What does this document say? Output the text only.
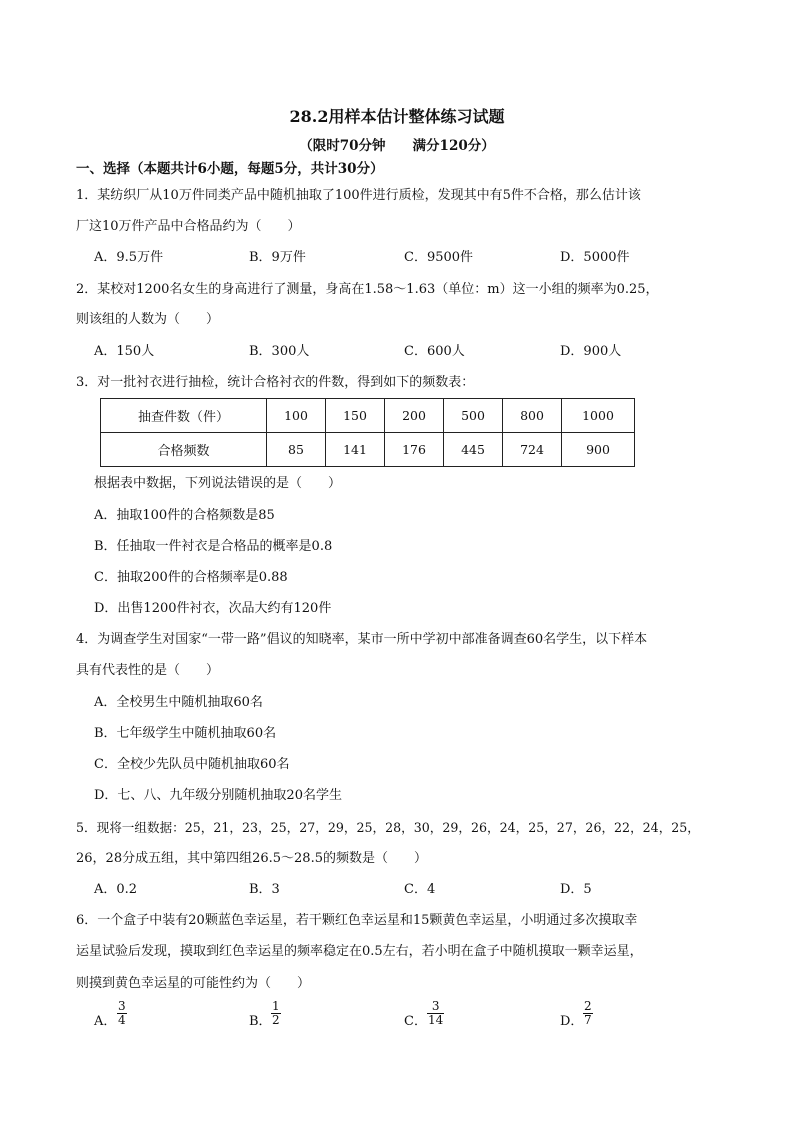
28.2用样本估计整体练习试题
（限时70分钟　　满分120分）
一、选择（本题共计6小题，每题5分，共计30分）
1．某纺织厂从10万件同类产品中随机抽取了100件进行质检，发现其中有5件不合格，那么估计该
厂这10万件产品中合格品约为（　　）
A．9.5万件	B．9万件	C．9500件	D．5000件
2．某校对1200名女生的身高进行了测量，身高在1.58～1.63（单位：m）这一小组的频率为0.25，
则该组的人数为（　　）
A．150人	B．300人	C．600人	D．900人
3．对一批衬衣进行抽检，统计合格衬衣的件数，得到如下的频数表：
抽查件数（件）	100	150	200	500	800	1000
合格频数	85	141	176	445	724	900
根据表中数据，下列说法错误的是（　　）
A．抽取100件的合格频数是85
B．任抽取一件衬衣是合格品的概率是0.8
C．抽取200件的合格频率是0.88
D．出售1200件衬衣，次品大约有120件
4．为调查学生对国家“一带一路”倡议的知晓率，某市一所中学初中部准备调查60名学生，以下样本
具有代表性的是（　　）
A．全校男生中随机抽取60名
B．七年级学生中随机抽取60名
C．全校少先队员中随机抽取60名
D．七、八、九年级分别随机抽取20名学生
5．现将一组数据：25，21，23，25，27，29，25，28，30，29，26，24，25，27，26，22，24，25，
26，28分成五组，其中第四组26.5～28.5的频数是（　　）
A．0.2	B．3	C．4	D．5
6．一个盒子中装有20颗蓝色幸运星，若干颗红色幸运星和15颗黄色幸运星，小明通过多次摸取幸
运星试验后发现，摸取到红色幸运星的频率稳定在0.5左右，若小明在盒子中随机摸取一颗幸运星，
则摸到黄色幸运星的可能性约为（　　）
A． $\frac{3}{4}$	B． $\frac{1}{2}$	C． $\frac{3}{14}$	D． $\frac{2}{7}$
